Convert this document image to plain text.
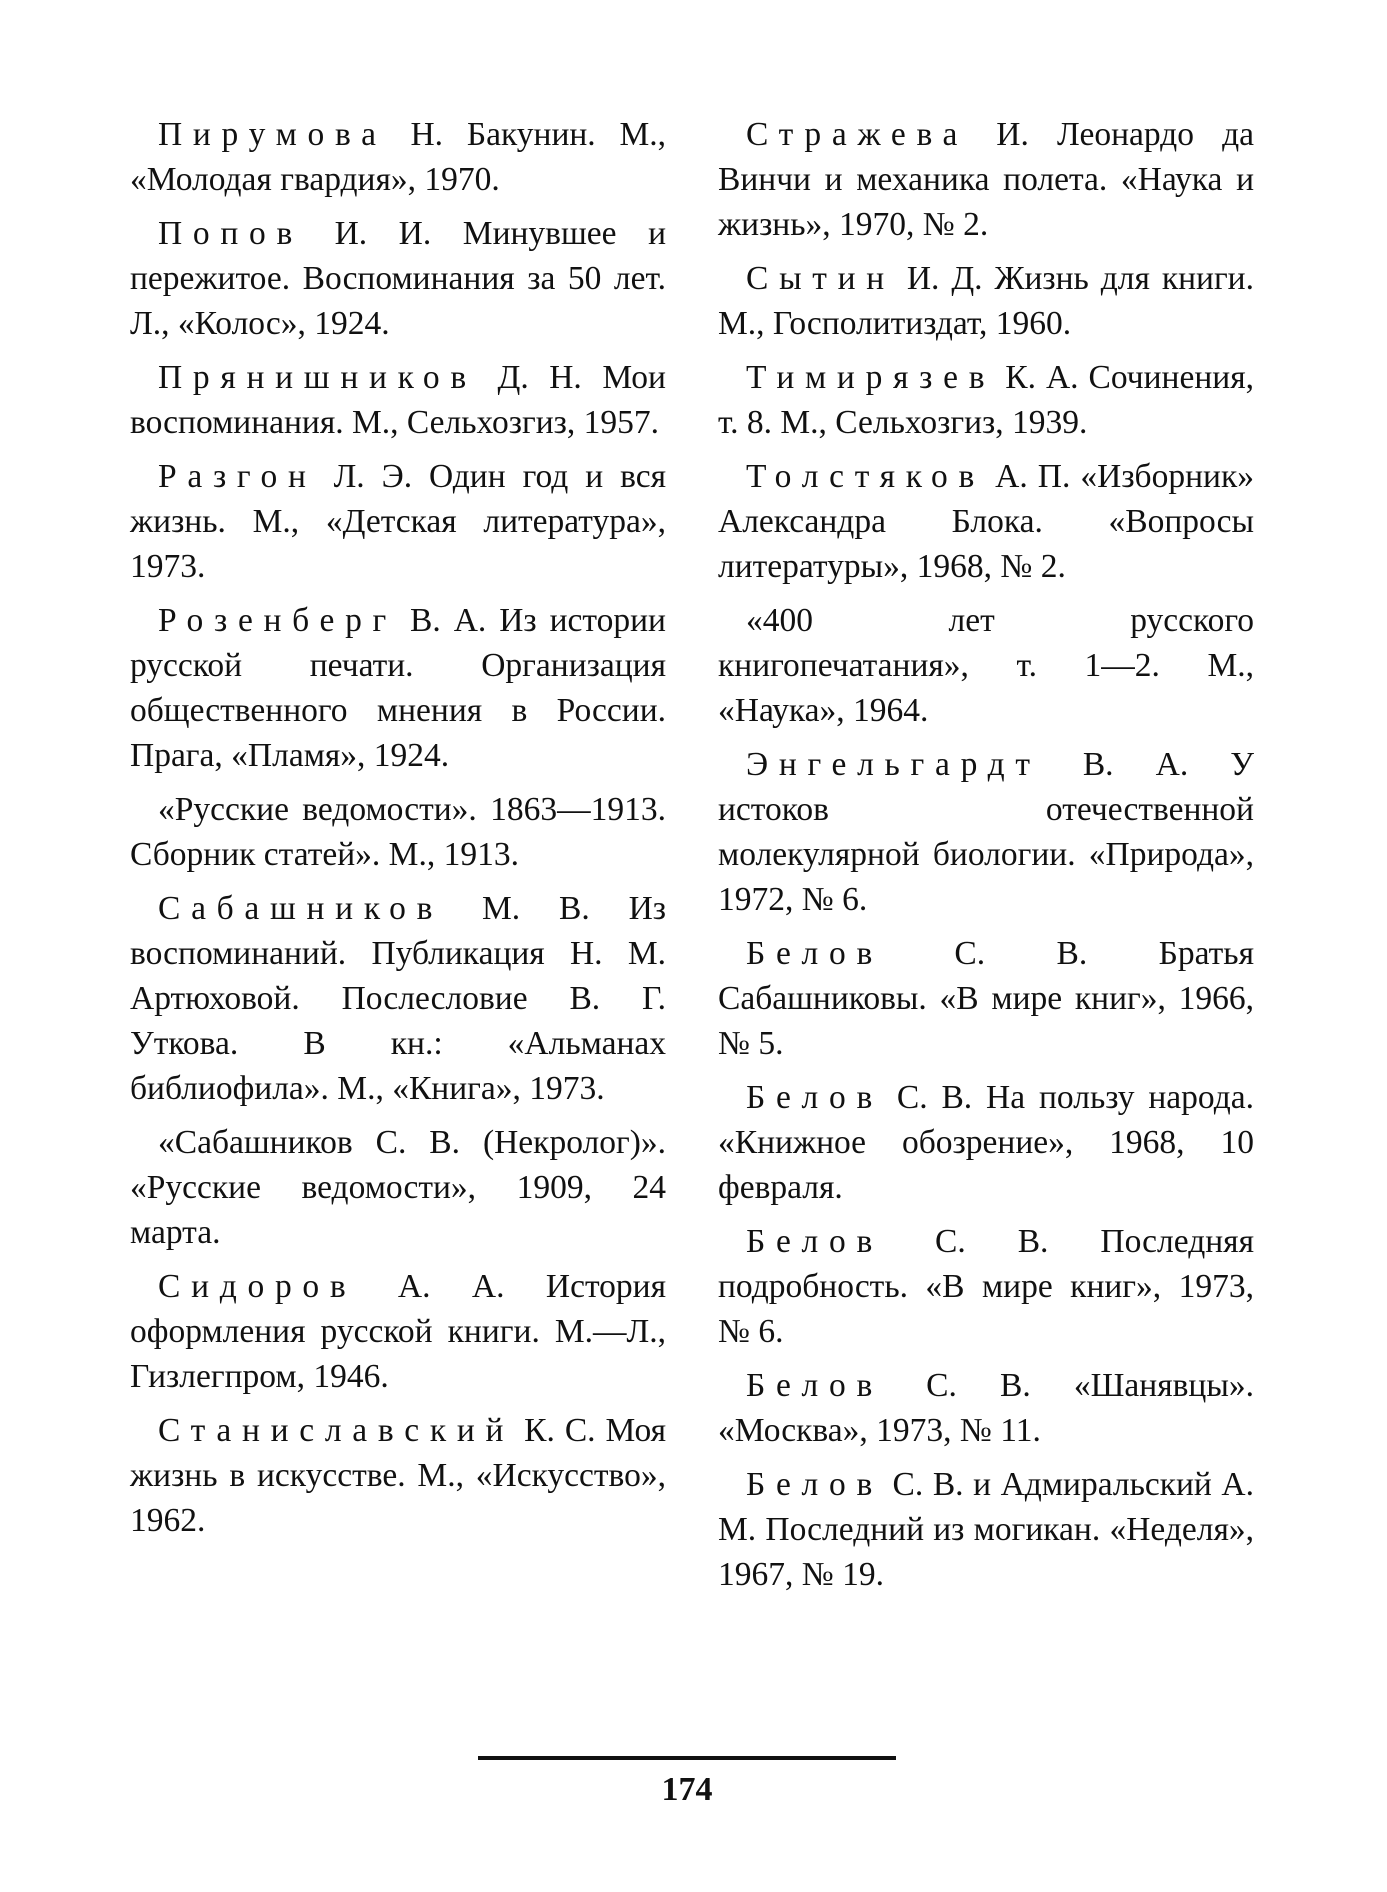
Пирумова Н. Бакунин. М., «Молодая гвардия», 1970.

Попов И. И. Минувшее и пережитое. Воспоминания за 50 лет. Л., «Колос», 1924.

Прянишников Д. Н. Мои воспоминания. М., Сельхозгиз, 1957.

Разгон Л. Э. Один год и вся жизнь. М., «Детская литература», 1973.

Розенберг В. А. Из истории русской печати. Организация общественного мнения в России. Прага, «Пламя», 1924.

«Русские ведомости». 1863—1913. Сборник статей». М., 1913.

Сабашников М. В. Из воспоминаний. Публикация Н. М. Артюховой. Послесловие В. Г. Уткова. В кн.: «Альманах библиофила». М., «Книга», 1973.

«Сабашников С. В. (Некролог)». «Русские ведомости», 1909, 24 марта.

Сидоров А. А. История оформления русской книги. М.—Л., Гизлегпром, 1946.

Станиславский К. С. Моя жизнь в искусстве. М., «Искусство», 1962.

Стражева И. Леонардо да Винчи и механика полета. «Наука и жизнь», 1970, № 2.

Сытин И. Д. Жизнь для книги. М., Госполитиздат, 1960.

Тимирязев К. А. Сочинения, т. 8. М., Сельхозгиз, 1939.

Толстяков А. П. «Изборник» Александра Блока. «Вопросы литературы», 1968, № 2.

«400 лет русского книгопечатания», т. 1—2. М., «Наука», 1964.

Энгельгардт В. А. У истоков отечественной молекулярной биологии. «Природа», 1972, № 6.

Белов С. В. Братья Сабашниковы. «В мире книг», 1966, № 5.

Белов С. В. На пользу народа. «Книжное обозрение», 1968, 10 февраля.

Белов С. В. Последняя подробность. «В мире книг», 1973, № 6.

Белов С. В. «Шанявцы». «Москва», 1973, № 11.

Белов С. В. и Адмиральский А. М. Последний из могикан. «Неделя», 1967, № 19.

174
